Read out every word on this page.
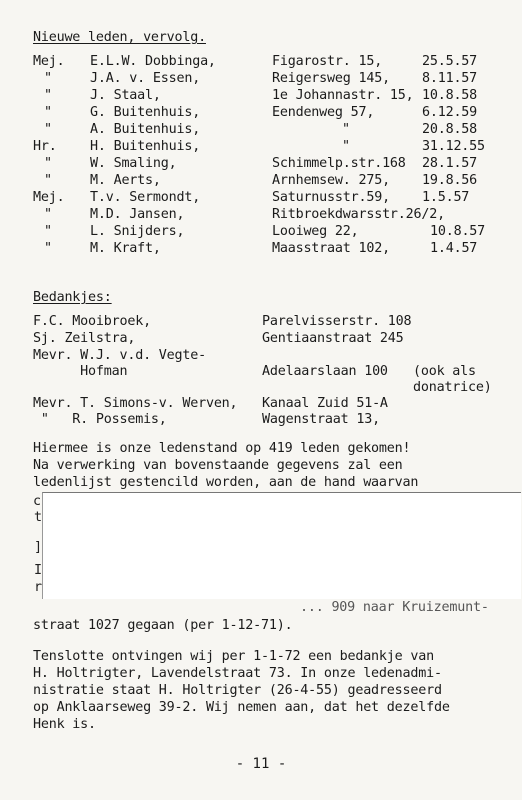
Nieuwe leden, vervolg.
Mej. E.L.W. Dobbinga,	Figarostr. 15,	25.5.57
"	J.A. v. Essen,	Reigersweg 145, 8.11.57
"	J. Staal,	1e Johannastr. 15, 10.8.58
"	G. Buitenhuis,	Eendenweg 57,	6.12.59
"	A. Buitenhuis,	"	20.8.58
Hr. H. Buitenhuis,	"	31.12.55
"	W. Smaling,	Schimmelp.str.168 28.1.57
"	M. Aerts,	Arnhemsew. 275, 19.8.56
Mej. T.v. Sermondt,	Saturnusstr.59, 1.5.57
"	M.D. Jansen,	Ritbroekdwarsstr.26/2,
"	L. Snijders,	Looiweg 22,	10.8.57
"	M. Kraft,	Maasstraat 102,	1.4.57
Bedankjes:
F.C. Mooibroek,	Parelvisserstr. 108
Sj. Zeilstra,	Gentiaanstraat 245
Mevr. W.J. v.d. Vegte-
Hofman	Adelaarslaan 100 (ook als
donatrice)
Mevr. T. Simons-v. Werven, Kanaal Zuid 51-A
"   R. Possemis,	Wagenstraat 13,
Hiermee is onze ledenstand op 419 leden gekomen!
Na verwerking van bovenstaande gegevens zal een
ledenlijst gestencild worden, aan de hand waarvan
c
t
]
I
r
... 909 naar Kruizemunt-
straat 1027 gegaan (per 1-12-71).
Tenslotte ontvingen wij per 1-1-72 een bedankje van
H. Holtrigter, Lavendelstraat 73. In onze ledenadmi-
nistratie staat H. Holtrigter (26-4-55) geadresseerd
op Anklaarseweg 39-2. Wij nemen aan, dat het dezelfde
Henk is.
- 11 -
